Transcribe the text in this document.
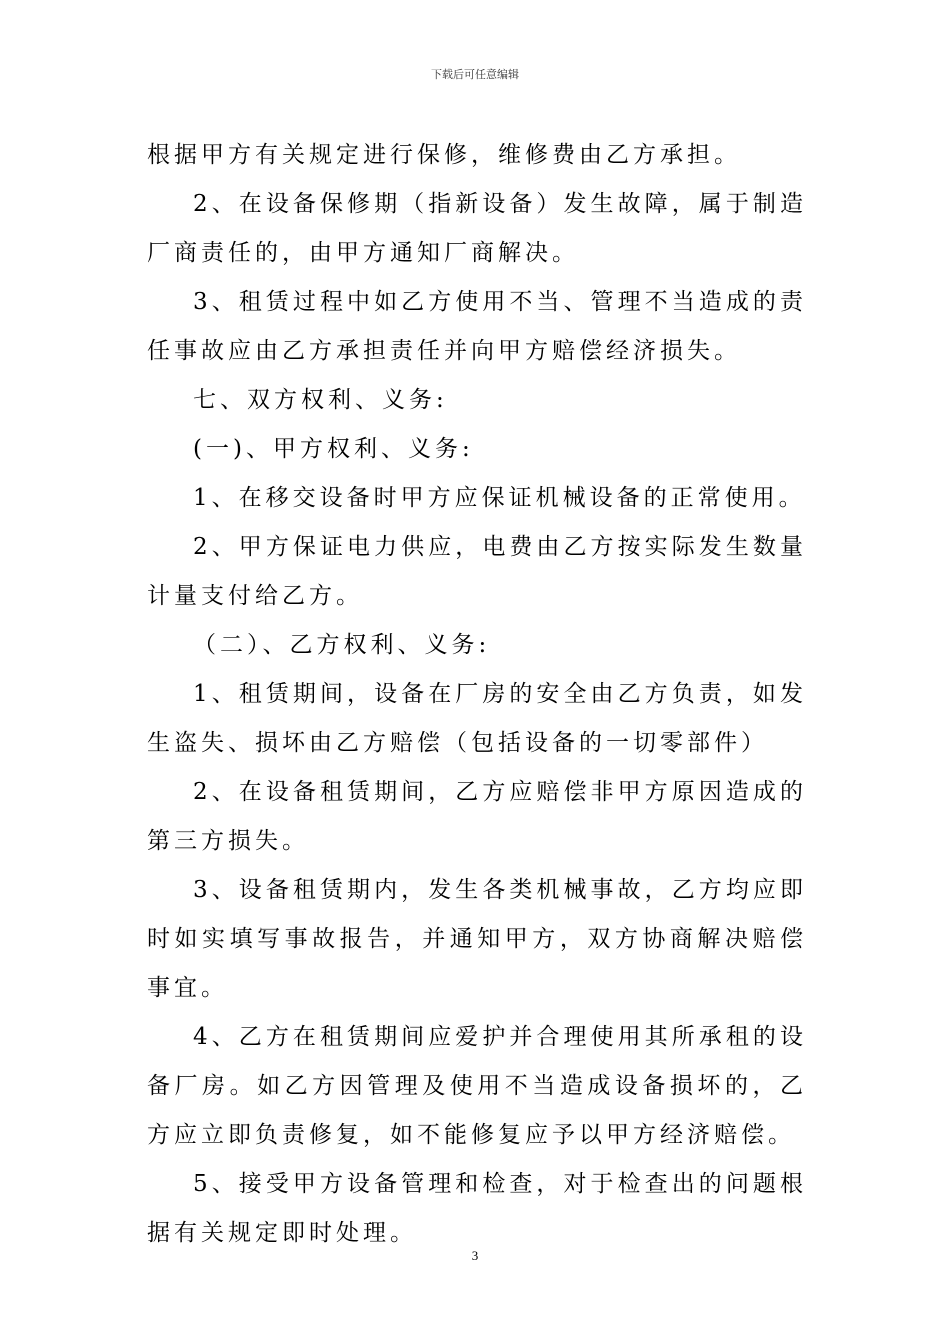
下载后可任意编辑

根据甲方有关规定进行保修，维修费由乙方承担。

2、在设备保修期（指新设备）发生故障，属于制造厂商责任的，由甲方通知厂商解决。

3、租赁过程中如乙方使用不当、管理不当造成的责任事故应由乙方承担责任并向甲方赔偿经济损失。

七、双方权利、义务:

(一)、甲方权利、义务:

1、在移交设备时甲方应保证机械设备的正常使用。

2、甲方保证电力供应，电费由乙方按实际发生数量计量支付给乙方。

（二）、乙方权利、义务:

1、租赁期间，设备在厂房的安全由乙方负责，如发生盗失、损坏由乙方赔偿（包括设备的一切零部件）

2、在设备租赁期间，乙方应赔偿非甲方原因造成的第三方损失。

3、设备租赁期内，发生各类机械事故，乙方均应即时如实填写事故报告，并通知甲方，双方协商解决赔偿事宜。

4、乙方在租赁期间应爱护并合理使用其所承租的设备厂房。如乙方因管理及使用不当造成设备损坏的，乙方应立即负责修复，如不能修复应予以甲方经济赔偿。

5、接受甲方设备管理和检查，对于检查出的问题根据有关规定即时处理。

3
